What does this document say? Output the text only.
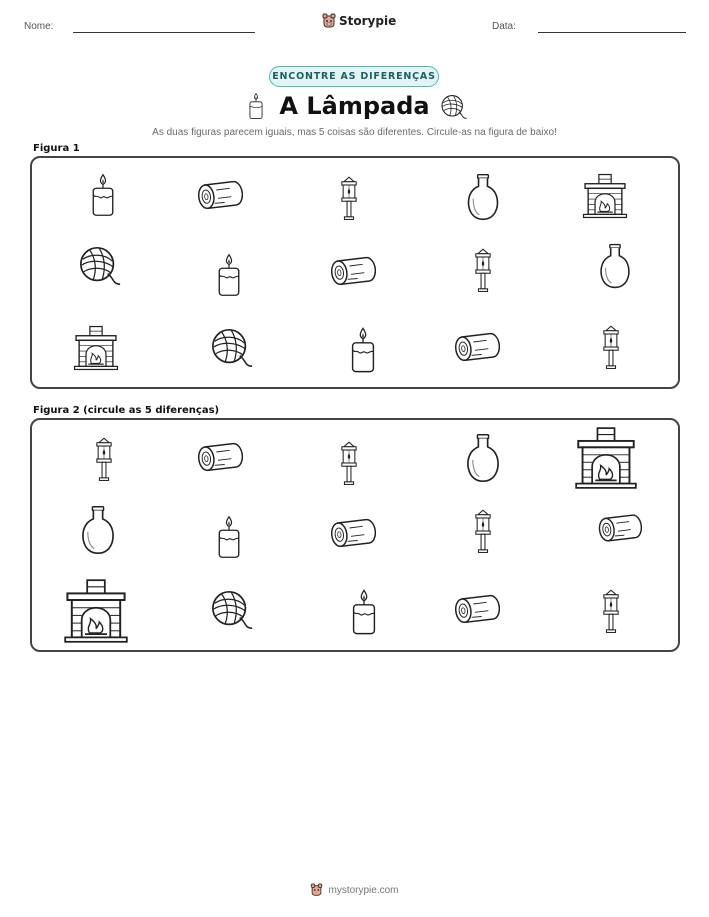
Nome:	Storypie	Data:
ENCONTRE AS DIFERENÇAS
A Lâmpada
As duas figuras parecem iguais, mas 5 coisas são diferentes. Circule-as na figura de baixo!
Figura 1
Figura 2 (circule as 5 diferenças)
mystorypie.com
